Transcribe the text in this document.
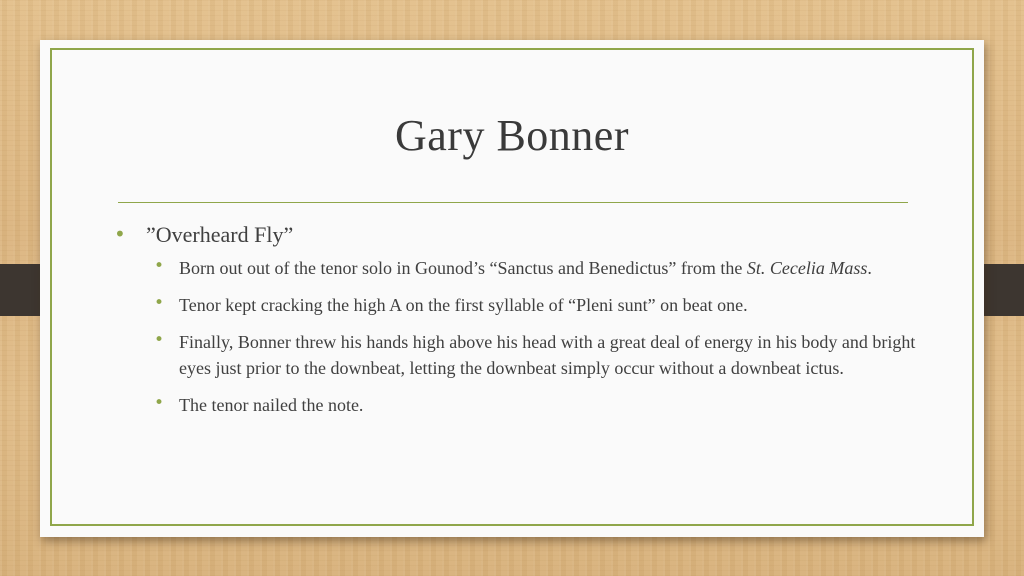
Gary Bonner
• ”Overheard Fly”
• Born out out of the tenor solo in Gounod’s “Sanctus and Benedictus” from the St. Cecelia Mass.
• Tenor kept cracking the high A on the first syllable of “Pleni sunt” on beat one.
• Finally, Bonner threw his hands high above his head with a great deal of energy in his body and bright eyes just prior to the downbeat, letting the downbeat simply occur without a downbeat ictus.
• The tenor nailed the note.
